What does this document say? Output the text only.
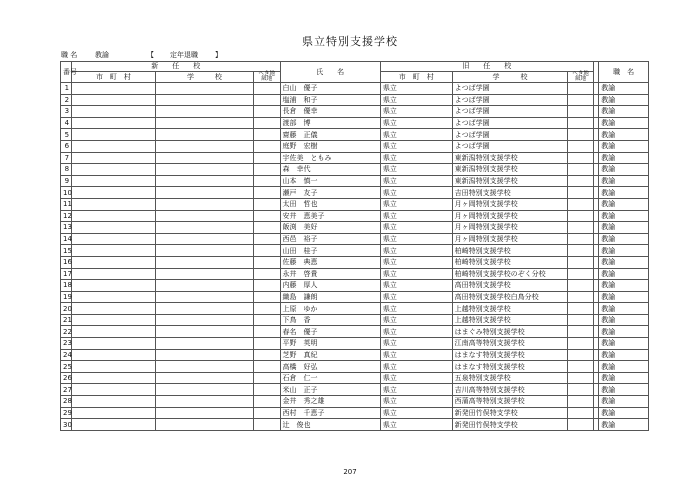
県立特別支援学校
職 名	教諭	【 定年退職 】
番号	新　　任　　校			氏　　名	旧　　任　　校				職　名
	市　町　村	学　　　校	へき地級地		市　町　村	学　　　校	へき地級地		
1				白山　優子	県立	よつば学園			教諭
2				塩浦　和子	県立	よつば学園			教諭
3				長倉　優幸	県立	よつば学園			教諭
4				渡部　博	県立	よつば学園			教諭
5				齋藤　正儀	県立	よつば学園			教諭
6				庭野　宏樹	県立	よつば学園			教諭
7				宇佐美　ともみ	県立	東新潟特別支援学校			教諭
8				森　幸代	県立	東新潟特別支援学校			教諭
9				山本　慎一	県立	東新潟特別支援学校			教諭
10				瀬戸　友子	県立	吉田特別支援学校			教諭
11				太田　哲也	県立	月ヶ岡特別支援学校			教諭
12				安井　恵美子	県立	月ヶ岡特別支援学校			教諭
13				飯渕　美好	県立	月ヶ岡特別支援学校			教諭
14				西邑　裕子	県立	月ヶ岡特別支援学校			教諭
15				山田　桂子	県立	柏崎特別支援学校			教諭
16				佐藤　典恵	県立	柏崎特別支援学校			教諭
17				永井　啓貴	県立	柏崎特別支援学校のぞく分校			教諭
18				内藤　厚人	県立	高田特別支援学校			教諭
19				織島　謙朗	県立	高田特別支援学校白鳥分校			教諭
20				上原　ゆか	県立	上越特別支援学校			教諭
21				下鳥　香	県立	上越特別支援学校			教諭
22				春名　優子	県立	はまぐみ特別支援学校			教諭
23				平野　英明	県立	江南高等特別支援学校			教諭
24				芝野　真紀	県立	はまなす特別支援学校			教諭
25				高橋　好弘	県立	はまなす特別支援学校			教諭
26				石倉　仁一	県立	五泉特別支援学校			教諭
27				米山　正子	県立	吉川高等特別支援学校			教諭
28				金井　秀之雄	県立	西蒲高等特別支援学校			教諭
29				西村　千恵子	県立	新発田竹俣特支学校			教諭
30				辻　俊也	県立	新発田竹俣特支学校			教諭
207
